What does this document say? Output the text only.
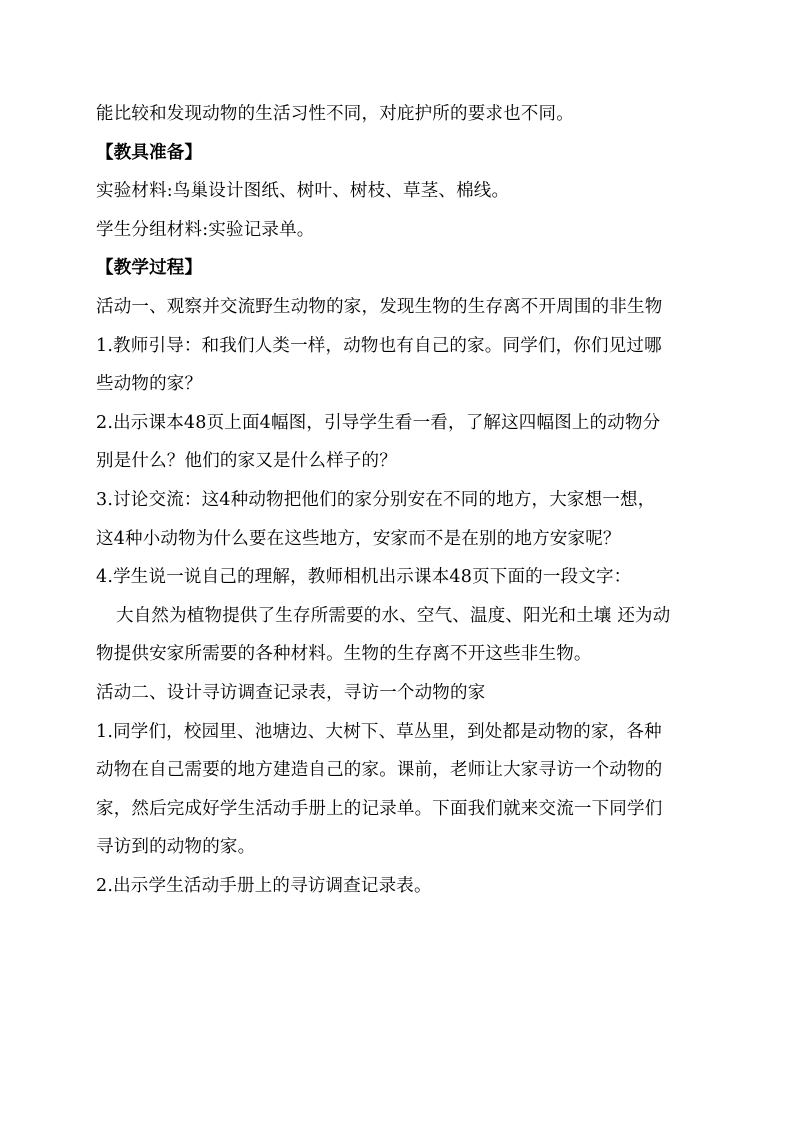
能比较和发现动物的生活习性不同，对庇护所的要求也不同。

【教具准备】

实验材料:鸟巢设计图纸、树叶、树枝、草茎、棉线。

学生分组材料:实验记录单。

【教学过程】

活动一、观察并交流野生动物的家，发现生物的生存离不开周围的非生物

1.教师引导：和我们人类一样，动物也有自己的家。同学们，你们见过哪

些动物的家？

2.出示课本48页上面4幅图，引导学生看一看，了解这四幅图上的动物分

别是什么？他们的家又是什么样子的？

3.讨论交流：这4种动物把他们的家分别安在不同的地方，大家想一想，

这4种小动物为什么要在这些地方，安家而不是在别的地方安家呢？

4.学生说一说自己的理解，教师相机出示课本48页下面的一段文字：

大自然为植物提供了生存所需要的水、空气、温度、阳光和土壤 还为动

物提供安家所需要的各种材料。生物的生存离不开这些非生物。

活动二、设计寻访调查记录表，寻访一个动物的家

1.同学们，校园里、池塘边、大树下、草丛里，到处都是动物的家，各种

动物在自己需要的地方建造自己的家。课前，老师让大家寻访一个动物的

家，然后完成好学生活动手册上的记录单。下面我们就来交流一下同学们

寻访到的动物的家。

2.出示学生活动手册上的寻访调查记录表。
